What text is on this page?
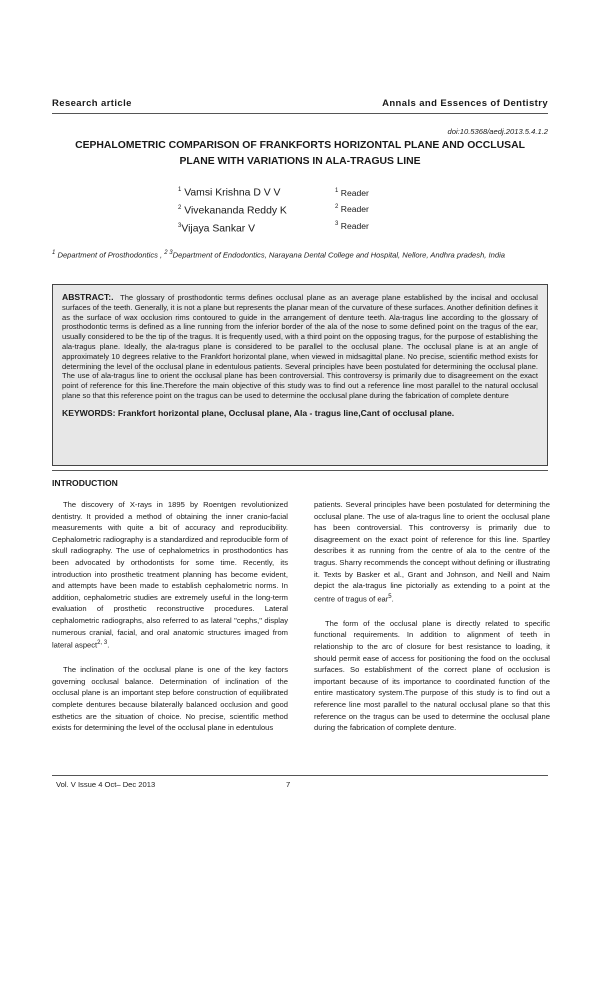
Research article	Annals and Essences of Dentistry
doi:10.5368/aedj.2013.5.4.1.2
CEPHALOMETRIC COMPARISON OF FRANKFORTS HORIZONTAL PLANE AND OCCLUSAL
PLANE WITH VARIATIONS IN ALA-TRAGUS LINE
$^1$ Vamsi Krishna D V V
$^2$ Vivekananda Reddy K
$^3$Vijaya Sankar V
$^1$ Reader
$^2$ Reader
$^3$ Reader
$^1$ Department of Prosthodontics , $^{2 3}$Department of Endodontics, Narayana Dental College and Hospital, Nellore, Andhra pradesh, India
ABSTRACT:. The glossary of prosthodontic terms defines occlusal plane as an average plane established by the incisal and occlusal surfaces of the teeth. Generally, it is not a plane but represents the planar mean of the curvature of these surfaces. Another definition defines it as the surface of wax occlusion rims contoured to guide in the arrangement of denture teeth. Ala-tragus line according to the glossary of prosthodontic terms is defined as a line running from the inferior border of the ala of the nose to some defined point on the tragus of the ear, usually considered to be the tip of the tragus. It is frequently used, with a third point on the opposing tragus, for the purpose of establishing the ala-tragus plane. Ideally, the ala-tragus plane is considered to be parallel to the occlusal plane. The occlusal plane is at an angle of approximately 10 degrees relative to the Frankfort horizontal plane, when viewed in midsagittal plane. No precise, scientific method exists for determining the level of the occlusal plane in edentulous patients. Several principles have been postulated for determining the occlusal plane. The use of ala-tragus line to orient the occlusal plane has been controversial. This controversy is primarily due to disagreement on the exact point of reference for this line.Therefore the main objective of this study was to find out a reference line most parallel to the natural occlusal plane so that this reference point on the tragus can be used to determine the occlusal plane during the fabrication of complete denture
KEYWORDS: Frankfort horizontal plane, Occlusal plane, Ala - tragus line,Cant of occlusal plane.
INTRODUCTION

The discovery of X-rays in 1895 by Roentgen revolutionized dentistry. It provided a method of obtaining the inner cranio-facial measurements with quite a bit of accuracy and reproducibility. Cephalometric radiography is a standardized and reproducible form of skull radiography. The use of cephalometrics in prosthodontics has been advocated by orthodontists for some time. Recently, its introduction into prosthetic treatment planning has become evident, and attempts have been made to establish cephalometric norms. In addition, cephalometric studies are extremely useful in the long-term evaluation of prosthetic reconstructive procedures. Lateral cephalometric radiographs, also referred to as lateral "cephs," display numerous cranial, facial, and oral anatomic structures imaged from lateral aspect$^{2, 3}$.

The inclination of the occlusal plane is one of the key factors governing occlusal balance. Determination of inclination of the occlusal plane is an important step before construction of equilibrated complete dentures because bilaterally balanced occlusion and good esthetics are the situation of choice. No precise, scientific method exists for determining the level of the occlusal plane in edentulous

patients. Several principles have been postulated for determining the occlusal plane. The use of ala-tragus line to orient the occlusal plane has been controversial. This controversy is primarily due to disagreement on the exact point of reference for this line. Spartley describes it as running from the centre of ala to the centre of the tragus. Sharry recommends the concept without defining or illustrating it. Texts by Basker et al., Grant and Johnson, and Neill and Naim depict the ala-tragus line pictorially as extending to a point at the centre of tragus of ear$^5$.

The form of the occlusal plane is directly related to specific functional requirements. In addition to alignment of teeth in relationship to the arc of closure for best resistance to loading, it should permit ease of access for positioning the food on the occlusal surfaces. So establishment of the correct plane of occlusion is important because of its importance to coordinated function of the entire masticatory system.The purpose of this study is to find out a reference line most parallel to the natural occlusal plane so that this reference on the tragus can be used to determine the occlusal plane during the fabrication of complete denture.

Vol. V Issue 4 Oct– Dec 2013	7
